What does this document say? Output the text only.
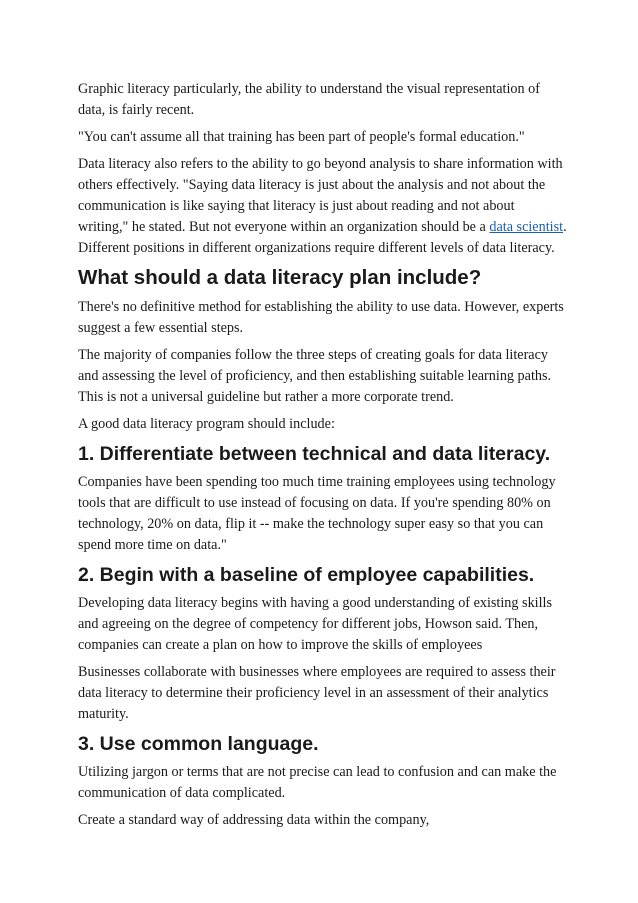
Graphic literacy particularly, the ability to understand the visual representation of data, is fairly recent.

"You can't assume all that training has been part of people's formal education."

Data literacy also refers to the ability to go beyond analysis to share information with others effectively. "Saying data literacy is just about the analysis and not about the communication is like saying that literacy is just about reading and not about writing," he stated. But not everyone within an organization should be a data scientist. Different positions in different organizations require different levels of data literacy.

What should a data literacy plan include?

There's no definitive method for establishing the ability to use data. However, experts suggest a few essential steps.

The majority of companies follow the three steps of creating goals for data literacy and assessing the level of proficiency, and then establishing suitable learning paths. This is not a universal guideline but rather a more corporate trend.

A good data literacy program should include:

1. Differentiate between technical and data literacy.

Companies have been spending too much time training employees using technology tools that are difficult to use instead of focusing on data. If you're spending 80% on technology, 20% on data, flip it -- make the technology super easy so that you can spend more time on data."

2. Begin with a baseline of employee capabilities.

Developing data literacy begins with having a good understanding of existing skills and agreeing on the degree of competency for different jobs, Howson said. Then, companies can create a plan on how to improve the skills of employees

Businesses collaborate with businesses where employees are required to assess their data literacy to determine their proficiency level in an assessment of their analytics maturity.

3. Use common language.

Utilizing jargon or terms that are not precise can lead to confusion and can make the communication of data complicated.

Create a standard way of addressing data within the company,
